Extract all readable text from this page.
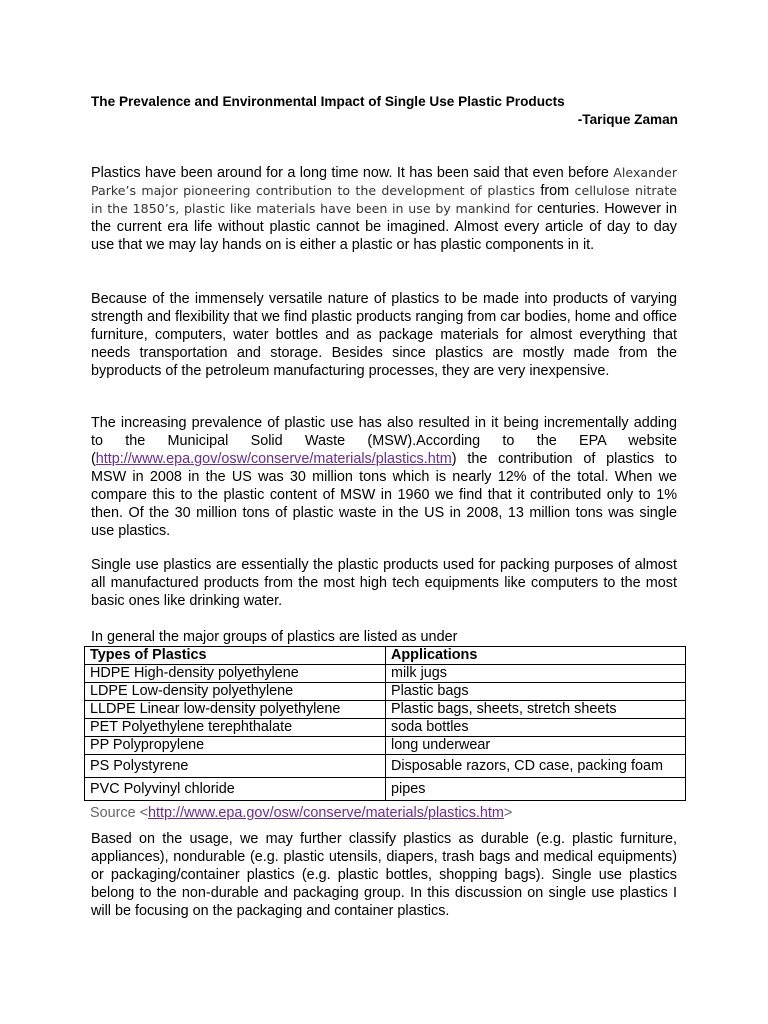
The Prevalence and Environmental Impact of Single Use Plastic Products
-Tarique Zaman
Plastics have been around for a long time now. It has been said that even before Alexander Parke’s major pioneering contribution to the development of plastics from cellulose nitrate in the 1850’s, plastic like materials have been in use by mankind for centuries. However in the current era life without plastic cannot be imagined. Almost every article of day to day use that we may lay hands on is either a plastic or has plastic components in it.
Because of the immensely versatile nature of plastics to be made into products of varying strength and flexibility that we find plastic products ranging from car bodies, home and office furniture, computers, water bottles and as package materials for almost everything that needs transportation and storage. Besides since plastics are mostly made from the byproducts of the petroleum manufacturing processes, they are very inexpensive.
The increasing prevalence of plastic use has also resulted in it being incrementally adding to the Municipal Solid Waste (MSW).According to the EPA website (http://www.epa.gov/osw/conserve/materials/plastics.htm) the contribution of plastics to MSW in 2008 in the US was 30 million tons which is nearly 12% of the total. When we compare this to the plastic content of MSW in 1960 we find that it contributed only to 1% then. Of the 30 million tons of plastic waste in the US in 2008, 13 million tons was single use plastics.
Single use plastics are essentially the plastic products used for packing purposes of almost all manufactured products from the most high tech equipments like computers to the most basic ones like drinking water.
In general the major groups of plastics are listed as under
Types of Plastics	Applications
HDPE High-density polyethylene	milk jugs
LDPE Low-density polyethylene	Plastic bags
LLDPE Linear low-density polyethylene	Plastic bags, sheets, stretch sheets
PET Polyethylene terephthalate	soda bottles
PP Polypropylene	long underwear
PS Polystyrene	Disposable razors, CD case, packing foam
PVC Polyvinyl chloride	pipes
Source <http://www.epa.gov/osw/conserve/materials/plastics.htm>
Based on the usage, we may further classify plastics as durable (e.g. plastic furniture, appliances), nondurable (e.g. plastic utensils, diapers, trash bags and medical equipments) or packaging/container plastics (e.g. plastic bottles, shopping bags). Single use plastics belong to the non-durable and packaging group. In this discussion on single use plastics I will be focusing on the packaging and container plastics.
